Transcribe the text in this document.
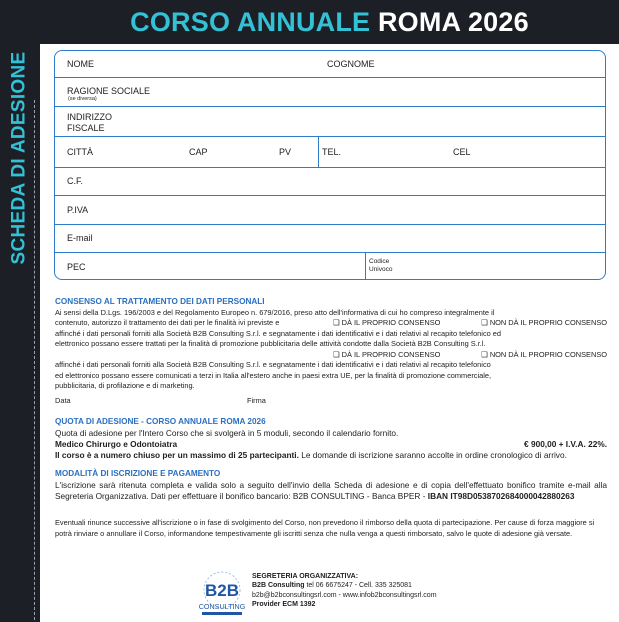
SCHEDA DI ADESIONE
CORSO ANNUALE ROMA 2026
NOME	COGNOME
RAGIONE SOCIALE
(se diversa)
INDIRIZZO
FISCALE
CITTÀ	CAP	PV	TEL.	CEL
C.F.
P.IVA
E-mail
PEC
Codice
Univoco
CONSENSO AL TRATTAMENTO DEI DATI PERSONALI
Ai sensi della D.Lgs. 196/2003 e del Regolamento Europeo n. 679/2016, preso atto dell'informativa di cui ho compreso integralmente il
contenuto, autorizzo il trattamento dei dati per le finalità ivi previste e	❑ DÀ IL PROPRIO CONSENSO	❑ NON DÀ IL PROPRIO CONSENSO
affinché i dati personali forniti alla Società B2B Consulting S.r.l. e segnatamente i dati identificativi e i dati relativi al recapito telefonico ed
elettronico possano essere trattati per la finalità di promozione pubblicitaria delle attività condotte dalla Società B2B Consulting S.r.l.
❑ DÀ IL PROPRIO CONSENSO	❑ NON DÀ IL PROPRIO CONSENSO
affinché i dati personali forniti alla Società B2B Consulting S.r.l. e segnatamente i dati identificativi e i dati relativi al recapito telefonico
ed elettronico possano essere comunicati a terzi in Italia all'estero anche in paesi extra UE, per la finalità di promozione commerciale,
pubblicitaria, di profilazione e di marketing.
Data	Firma
QUOTA DI ADESIONE - CORSO ANNUALE ROMA 2026
Quota di adesione per l'Intero Corso che si svolgerà in 5 moduli, secondo il calendario fornito.
Medico Chirurgo e Odontoiatra	€ 900,00 + I.V.A. 22%.
Il corso è a numero chiuso per un massimo di 25 partecipanti. Le domande di iscrizione saranno accolte in ordine cronologico di arrivo.
MODALITÀ DI ISCRIZIONE E PAGAMENTO
L'iscrizione sarà ritenuta completa e valida solo a seguito dell'invio della Scheda di adesione e di copia dell'effettuato bonifico tramite e-mail alla Segreteria Organizzativa. Dati per effettuare il bonifico bancario: B2B CONSULTING - Banca BPER - IBAN IT98D0538702684000042880263
Eventuali rinunce successive all'iscrizione o in fase di svolgimento del Corso, non prevedono il rimborso della quota di partecipazione. Per cause di forza maggiore si potrà rinviare o annullare il Corso, informandone tempestivamente gli iscritti senza che nulla venga a questi rimborsato, salvo le quote di adesione già versate.
B2B
CONSULTING
SEGRETERIA ORGANIZZATIVA:
B2B Consulting tel 06 6675247 - Cell. 335 325081
b2b@b2bconsultingsrl.com - www.infob2bconsultingsrl.com
Provider ECM 1392
